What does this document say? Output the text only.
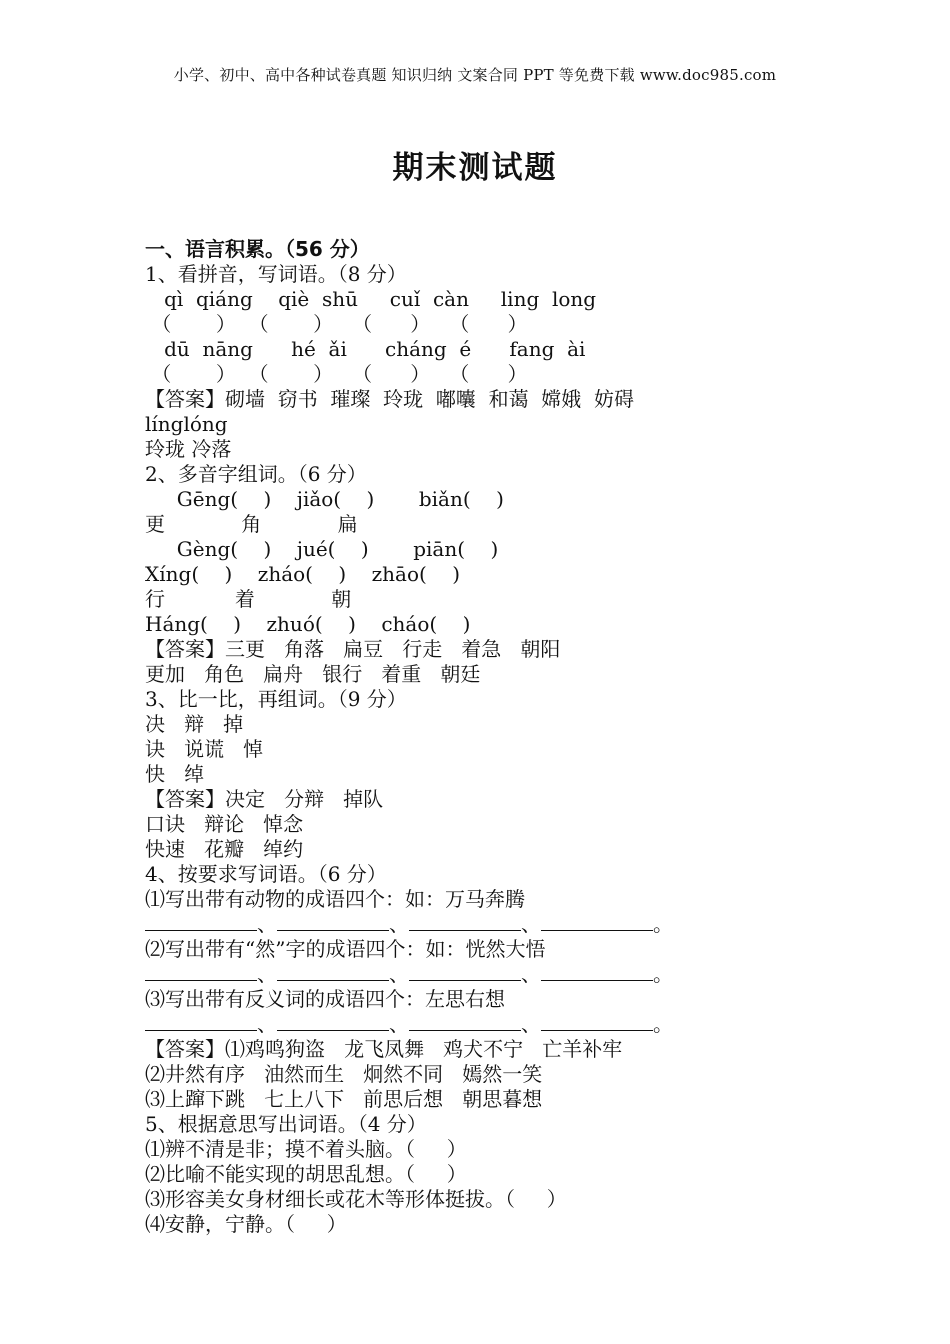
小学、初中、高中各种试卷真题 知识归纳 文案合同 PPT 等免费下载 www.doc985.com
期末测试题
一、语言积累。（56 分）
1、看拼音，写词语。（8 分）
qì  qiáng    qiè  shū     cuǐ  càn     ling  long
（       ）  （       ）   （      ）   （      ）
dū  nāng      hé  ǎi      cháng  é      fang  ài
（       ）  （       ）   （      ）   （      ）
【答案】砌墙  窃书  璀璨  玲珑  嘟囔  和蔼  嫦娥  妨碍
línglóng
玲珑 冷落
2、多音字组词。（6 分）
Gēng(    )    jiǎo(    )       biǎn(    )
更            角            扁
Gèng(    )    jué(    )       piān(    )
Xíng(    )    zháo(    )    zhāo(    )
行           着            朝
Háng(    )    zhuó(    )    cháo(    )
【答案】三更   角落   扁豆   行走   着急   朝阳
更加   角色   扁舟   银行   着重   朝廷
3、比一比，再组词。（9 分）
决   辩   掉
诀   说谎   悼
快   绰
【答案】决定   分辩   掉队
口诀   辩论   悼念
快速   花瓣   绰约
4、按要求写词语。（6 分）
⑴写出带有动物的成语四个：如：万马奔腾
、	、	、	。
⑵写出带有“然”字的成语四个：如：恍然大悟
、	、	、	。
⑶写出带有反义词的成语四个：左思右想
、	、	、	。
【答案】⑴鸡鸣狗盗   龙飞凤舞   鸡犬不宁   亡羊补牢
⑵井然有序   油然而生   炯然不同   嫣然一笑
⑶上蹿下跳   七上八下   前思后想   朝思暮想
5、根据意思写出词语。（4 分）
⑴辨不清是非；摸不着头脑。（     ）
⑵比喻不能实现的胡思乱想。（     ）
⑶形容美女身材细长或花木等形体挺拔。（     ）
⑷安静，宁静。（     ）
